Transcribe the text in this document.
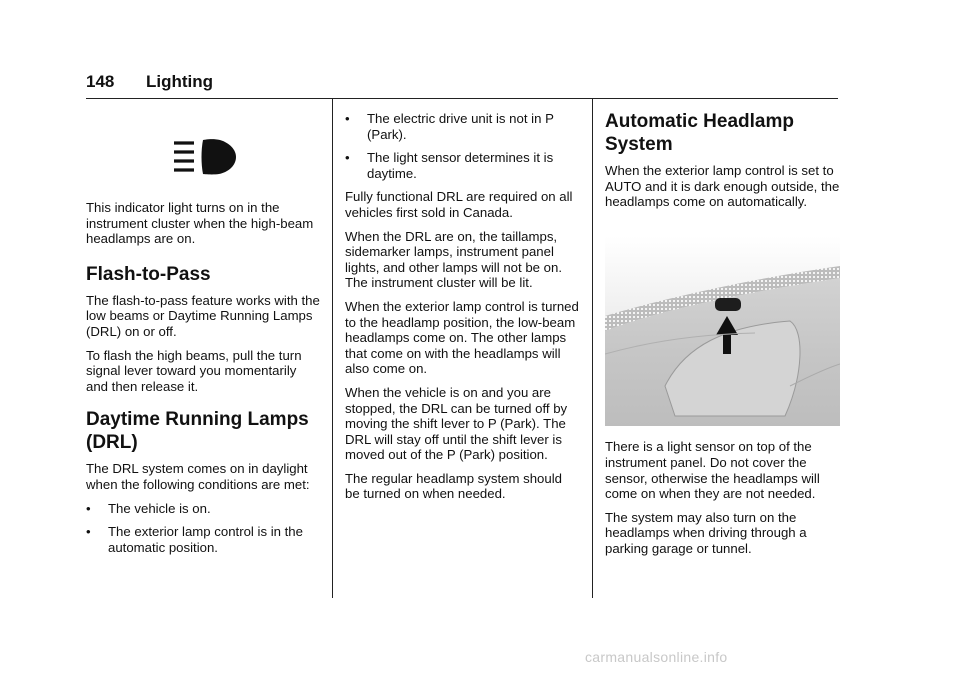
148 Lighting

This indicator light turns on in the instrument cluster when the high-beam headlamps are on.

Flash-to-Pass

The flash-to-pass feature works with the low beams or Daytime Running Lamps (DRL) on or off.

To flash the high beams, pull the turn signal lever toward you momentarily and then release it.

Daytime Running Lamps (DRL)

The DRL system comes on in daylight when the following conditions are met:

• The vehicle is on.
• The exterior lamp control is in the automatic position.
• The electric drive unit is not in P (Park).
• The light sensor determines it is daytime.

Fully functional DRL are required on all vehicles first sold in Canada.

When the DRL are on, the taillamps, sidemarker lamps, instrument panel lights, and other lamps will not be on. The instrument cluster will be lit.

When the exterior lamp control is turned to the headlamp position, the low-beam headlamps come on. The other lamps that come on with the headlamps will also come on.

When the vehicle is on and you are stopped, the DRL can be turned off by moving the shift lever to P (Park). The DRL will stay off until the shift lever is moved out of the P (Park) position.

The regular headlamp system should be turned on when needed.

Automatic Headlamp System

When the exterior lamp control is set to AUTO and it is dark enough outside, the headlamps come on automatically.

There is a light sensor on top of the instrument panel. Do not cover the sensor, otherwise the headlamps will come on when they are not needed.

The system may also turn on the headlamps when driving through a parking garage or tunnel.

carmanualsonline.info
